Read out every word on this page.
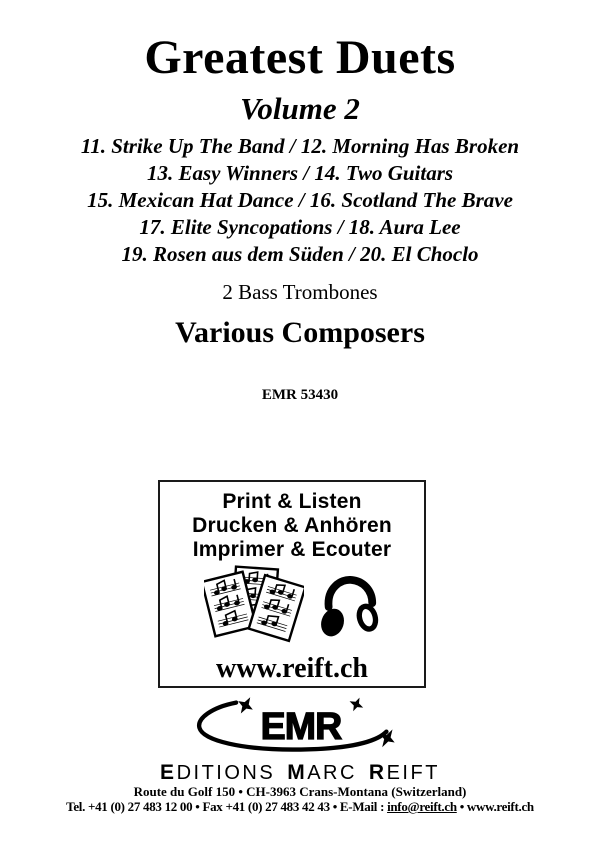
Greatest Duets
Volume 2
11. Strike Up The Band / 12. Morning Has Broken
13. Easy Winners / 14. Two Guitars
15. Mexican Hat Dance / 16. Scotland The Brave
17. Elite Syncopations / 18. Aura Lee
19. Rosen aus dem Süden / 20. El Choclo
2 Bass Trombones
Various Composers
EMR 53430
Print & Listen
Drucken & Anhören
Imprimer & Ecouter
www.reift.ch
EMR
EDITIONS MARC REIFT
Route du Golf 150 • CH-3963 Crans-Montana (Switzerland)
Tel. +41 (0) 27 483 12 00 • Fax +41 (0) 27 483 42 43 • E-Mail : info@reift.ch • www.reift.ch
